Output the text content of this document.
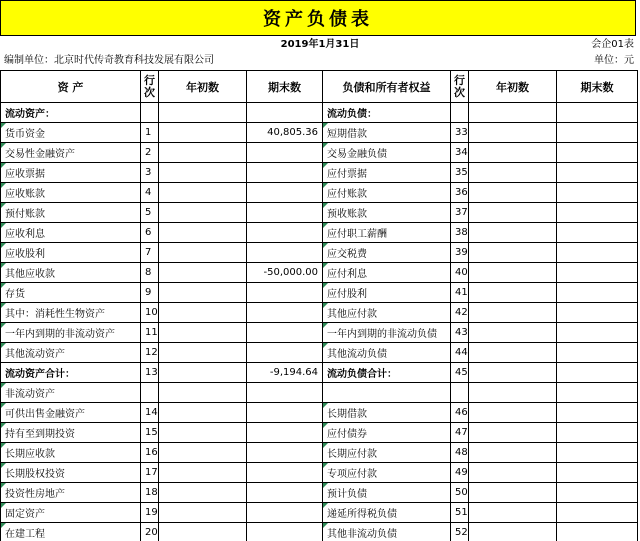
资产负债表
2019年1月31日	会企01表
编制单位：北京时代传奇教育科技发展有限公司	单位：元
资 产	行次	年初数	期末数	负债和所有者权益	行次	年初数	期末数
流动资产：				流动负债：			
货币资金	1		40,805.36	短期借款	33		
交易性金融资产	2			交易金融负债	34		
应收票据	3			应付票据	35		
应收账款	4			应付账款	36		
预付账款	5			预收账款	37		
应收利息	6			应付职工薪酬	38		
应收股利	7			应交税费	39		
其他应收款	8		-50,000.00	应付利息	40		
存货	9			应付股利	41		
其中：消耗性生物资产	10			其他应付款	42		
一年内到期的非流动资产	11			一年内到期的非流动负债	43		
其他流动资产	12			其他流动负债	44		
流动资产合计：	13		-9,194.64	流动负债合计：	45		
非流动资产							
可供出售金融资产	14			长期借款	46		
持有至到期投资	15			应付债券	47		
长期应收款	16			长期应付款	48		
长期股权投资	17			专项应付款	49		
投资性房地产	18			预计负债	50		
固定资产	19			递延所得税负债	51		
在建工程	20			其他非流动负债	52		
